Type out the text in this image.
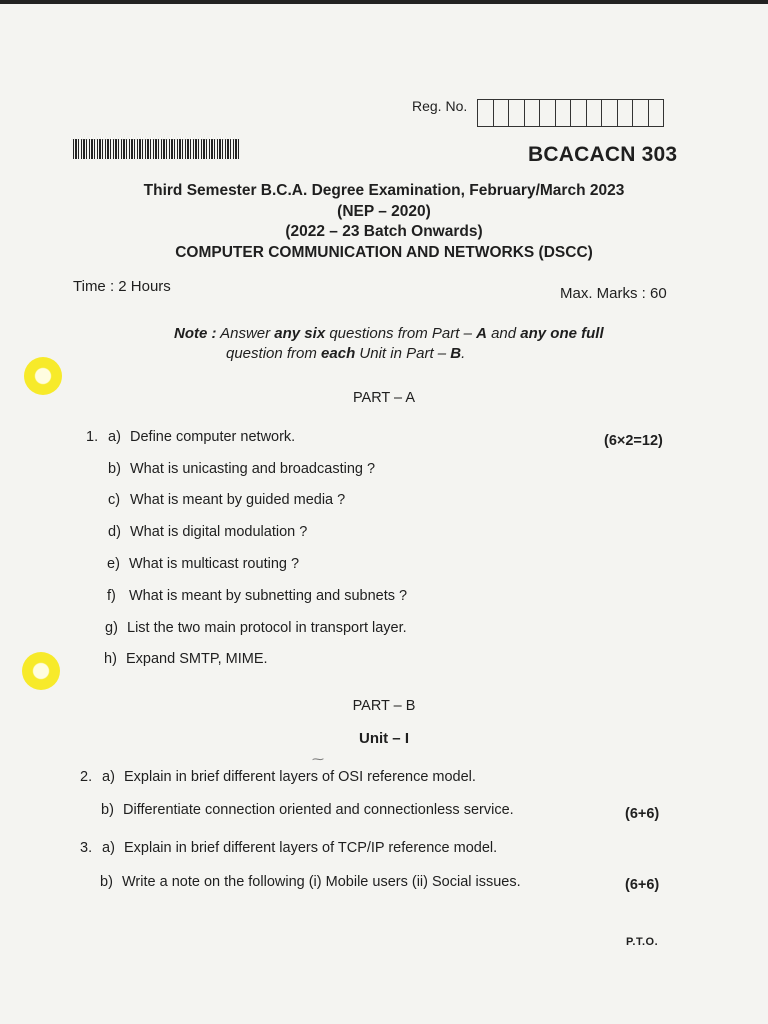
Reg. No.
BCACACN 303
Third Semester B.C.A. Degree Examination, February/March 2023
(NEP – 2020)
(2022 – 23 Batch Onwards)
COMPUTER COMMUNICATION AND NETWORKS (DSCC)
Time : 2 Hours	Max. Marks : 60
Note : Answer any six questions from Part – A and any one full
question from each Unit in Part – B.
PART – A
1. a) Define computer network.	(6×2=12)
b) What is unicasting and broadcasting ?
c) What is meant by guided media ?
d) What is digital modulation ?
e) What is multicast routing ?
f) What is meant by subnetting and subnets ?
g) List the two main protocol in transport layer.
h) Expand SMTP, MIME.
PART – B
Unit – I
⁓
2. a) Explain in brief different layers of OSI reference model.
b) Differentiate connection oriented and connectionless service.	(6+6)
3. a) Explain in brief different layers of TCP/IP reference model.
b) Write a note on the following (i) Mobile users (ii) Social issues.	(6+6)
P.T.O.
